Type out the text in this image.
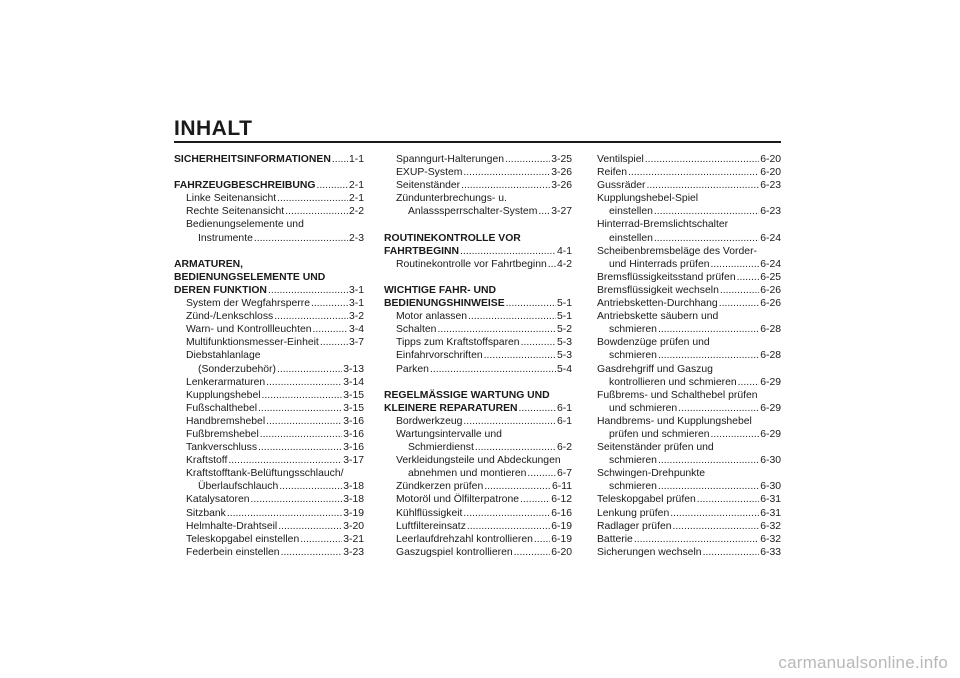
INHALT
SICHERHEITSINFORMATIONEN ..... 1-1
FAHRZEUGBESCHREIBUNG .....	2-1
Linke Seitenansicht .....	2-1
Rechte Seitenansicht .....	2-2
Bedienungselemente und
Instrumente .....	2-3
ARMATUREN,
BEDIENUNGSELEMENTE UND
DEREN FUNKTION .....	3-1
System der Wegfahrsperre .....	3-1
Zünd-/Lenkschloss .....	3-2
Warn- und Kontrollleuchten .....	3-4
Multifunktionsmesser-Einheit .....	3-7
Diebstahlanlage
(Sonderzubehör) .....	3-13
Lenkerarmaturen .....	3-14
Kupplungshebel .....	3-15
Fußschalthebel .....	3-15
Handbremshebel .....	3-16
Fußbremshebel .....	3-16
Tankverschluss .....	3-16
Kraftstoff .....	3-17
Kraftstofftank-Belüftungsschlauch/
Überlaufschlauch .....	3-18
Katalysatoren .....	3-18
Sitzbank .....	3-19
Helmhalte-Drahtseil .....	3-20
Teleskopgabel einstellen .....	3-21
Federbein einstellen .....	3-23
Spanngurt-Halterungen .....	3-25
EXUP-System .....	3-26
Seitenständer .....	3-26
Zündunterbrechungs- u.
Anlasssperrschalter-System ..... 3-27
ROUTINEKONTROLLE VOR
FAHRTBEGINN .....	4-1
Routinekontrolle vor Fahrtbeginn ..... 4-2
WICHTIGE FAHR- UND
BEDIENUNGSHINWEISE .....	5-1
Motor anlassen .....	5-1
Schalten .....	5-2
Tipps zum Kraftstoffsparen .....	5-3
Einfahrvorschriften .....	5-3
Parken .....	5-4
REGELMÄSSIGE WARTUNG UND
KLEINERE REPARATUREN .....	6-1
Bordwerkzeug .....	6-1
Wartungsintervalle und
Schmierdienst .....	6-2
Verkleidungsteile und Abdeckungen
abnehmen und montieren .....	6-7
Zündkerzen prüfen .....	6-11
Motoröl und Ölfilterpatrone .....	6-12
Kühlflüssigkeit .....	6-16
Luftfiltereinsatz .....	6-19
Leerlaufdrehzahl kontrollieren ..... 6-19
Gaszugspiel kontrollieren .....	6-20
Ventilspiel .....	6-20
Reifen .....	6-20
Gussräder .....	6-23
Kupplungshebel-Spiel
einstellen .....	6-23
Hinterrad-Bremslichtschalter
einstellen .....	6-24
Scheibenbremsbeläge des Vorder-
und Hinterrads prüfen .....	6-24
Bremsflüssigkeitsstand prüfen ..... 6-25
Bremsflüssigkeit wechseln .....	6-26
Antriebsketten-Durchhang .....	6-26
Antriebskette säubern und
schmieren .....	6-28
Bowdenzüge prüfen und
schmieren .....	6-28
Gasdrehgriff und Gaszug
kontrollieren und schmieren ..... 6-29
Fußbrems- und Schalthebel prüfen
und schmieren .....	6-29
Handbrems- und Kupplungshebel
prüfen und schmieren .....	6-29
Seitenständer prüfen und
schmieren .....	6-30
Schwingen-Drehpunkte
schmieren .....	6-30
Teleskopgabel prüfen .....	6-31
Lenkung prüfen .....	6-31
Radlager prüfen .....	6-32
Batterie .....	6-32
Sicherungen wechseln .....	6-33
carmanualsonline.info
